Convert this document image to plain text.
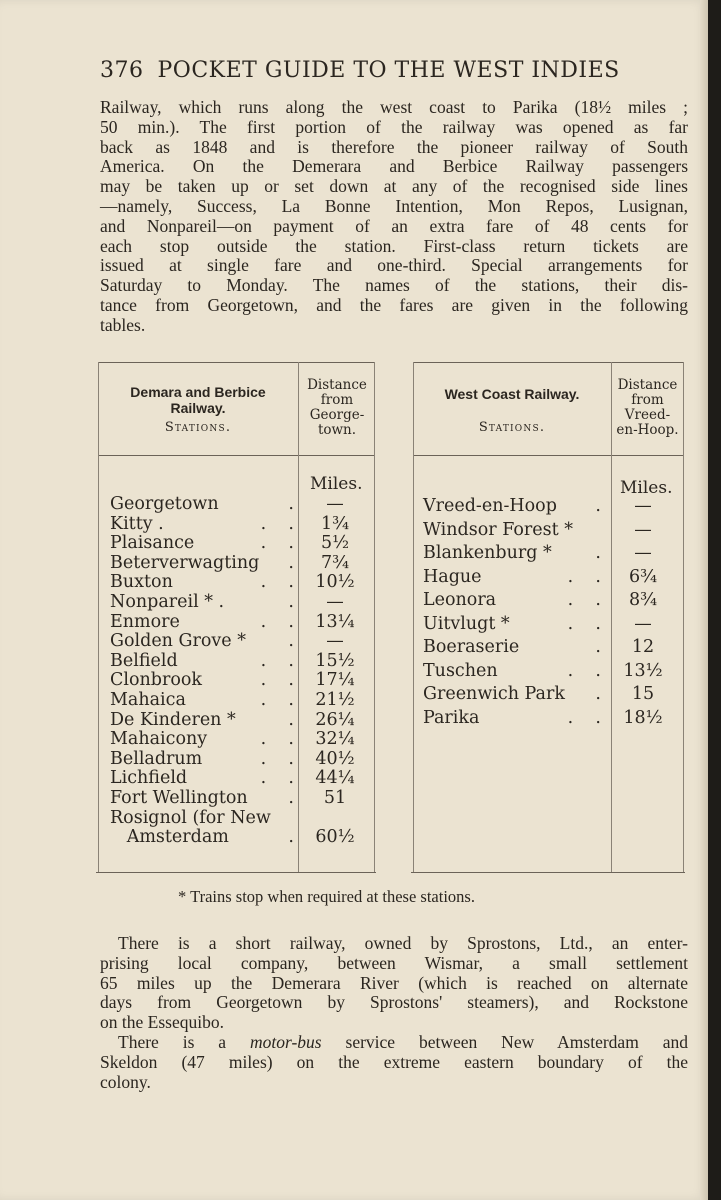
376 POCKET GUIDE TO THE WEST INDIES

Railway, which runs along the west coast to Parika (18½ miles ;
50 min.). The first portion of the railway was opened as far
back as 1848 and is therefore the pioneer railway of South
America. On the Demerara and Berbice Railway passengers
may be taken up or set down at any of the recognised side lines
—namely, Success, La Bonne Intention, Mon Repos, Lusignan,
and Nonpareil—on payment of an extra fare of 48 cents for
each stop outside the station. First-class return tickets are
issued at single fare and one-third. Special arrangements for
Saturday to Monday. The names of the stations, their dis-
tance from Georgetown, and the fares are given in the following
tables.

Demara and Berbice
Railway.
Stations.
Distance
from
George-
town.
Miles.
Georgetown	.	—
Kitty .	.    .	1¾
Plaisance	.    .	5½
Beterverwagting .	7¾
Buxton	.    .	10½
Nonpareil * .	.	—
Enmore	.    .	13¼
Golden Grove * .	—
Belfield	.    .	15½
Clonbrook	.    .	17¼
Mahaica	.    .	21½
De Kinderen *	.	26¼
Mahaicony	.    .	32¼
Belladrum	.    .	40½
Lichfield	.    .	44¼
Fort Wellington .	51
Rosignol (for New
Amsterdam	.	60½
West Coast Railway.
Stations.
Distance
from
Vreed-
en-Hoop.
Miles.
Vreed-en-Hoop .	—
Windsor Forest *	—
Blankenburg * .	—
Hague	.    .	6¾
Leonora	.    .	8¾
Uitvlugt *	.    .	—
Boeraserie	.	12
Tuschen	.    .	13½
Greenwich Park .	15
Parika	.    .	18½
* Trains stop when required at these stations.

There is a short railway, owned by Sprostons, Ltd., an enter-
prising local company, between Wismar, a small settlement
65 miles up the Demerara River (which is reached on alternate
days from Georgetown by Sprostons' steamers), and Rockstone
on the Essequibo.

There is a motor-bus service between New Amsterdam and
Skeldon (47 miles) on the extreme eastern boundary of the
colony.
